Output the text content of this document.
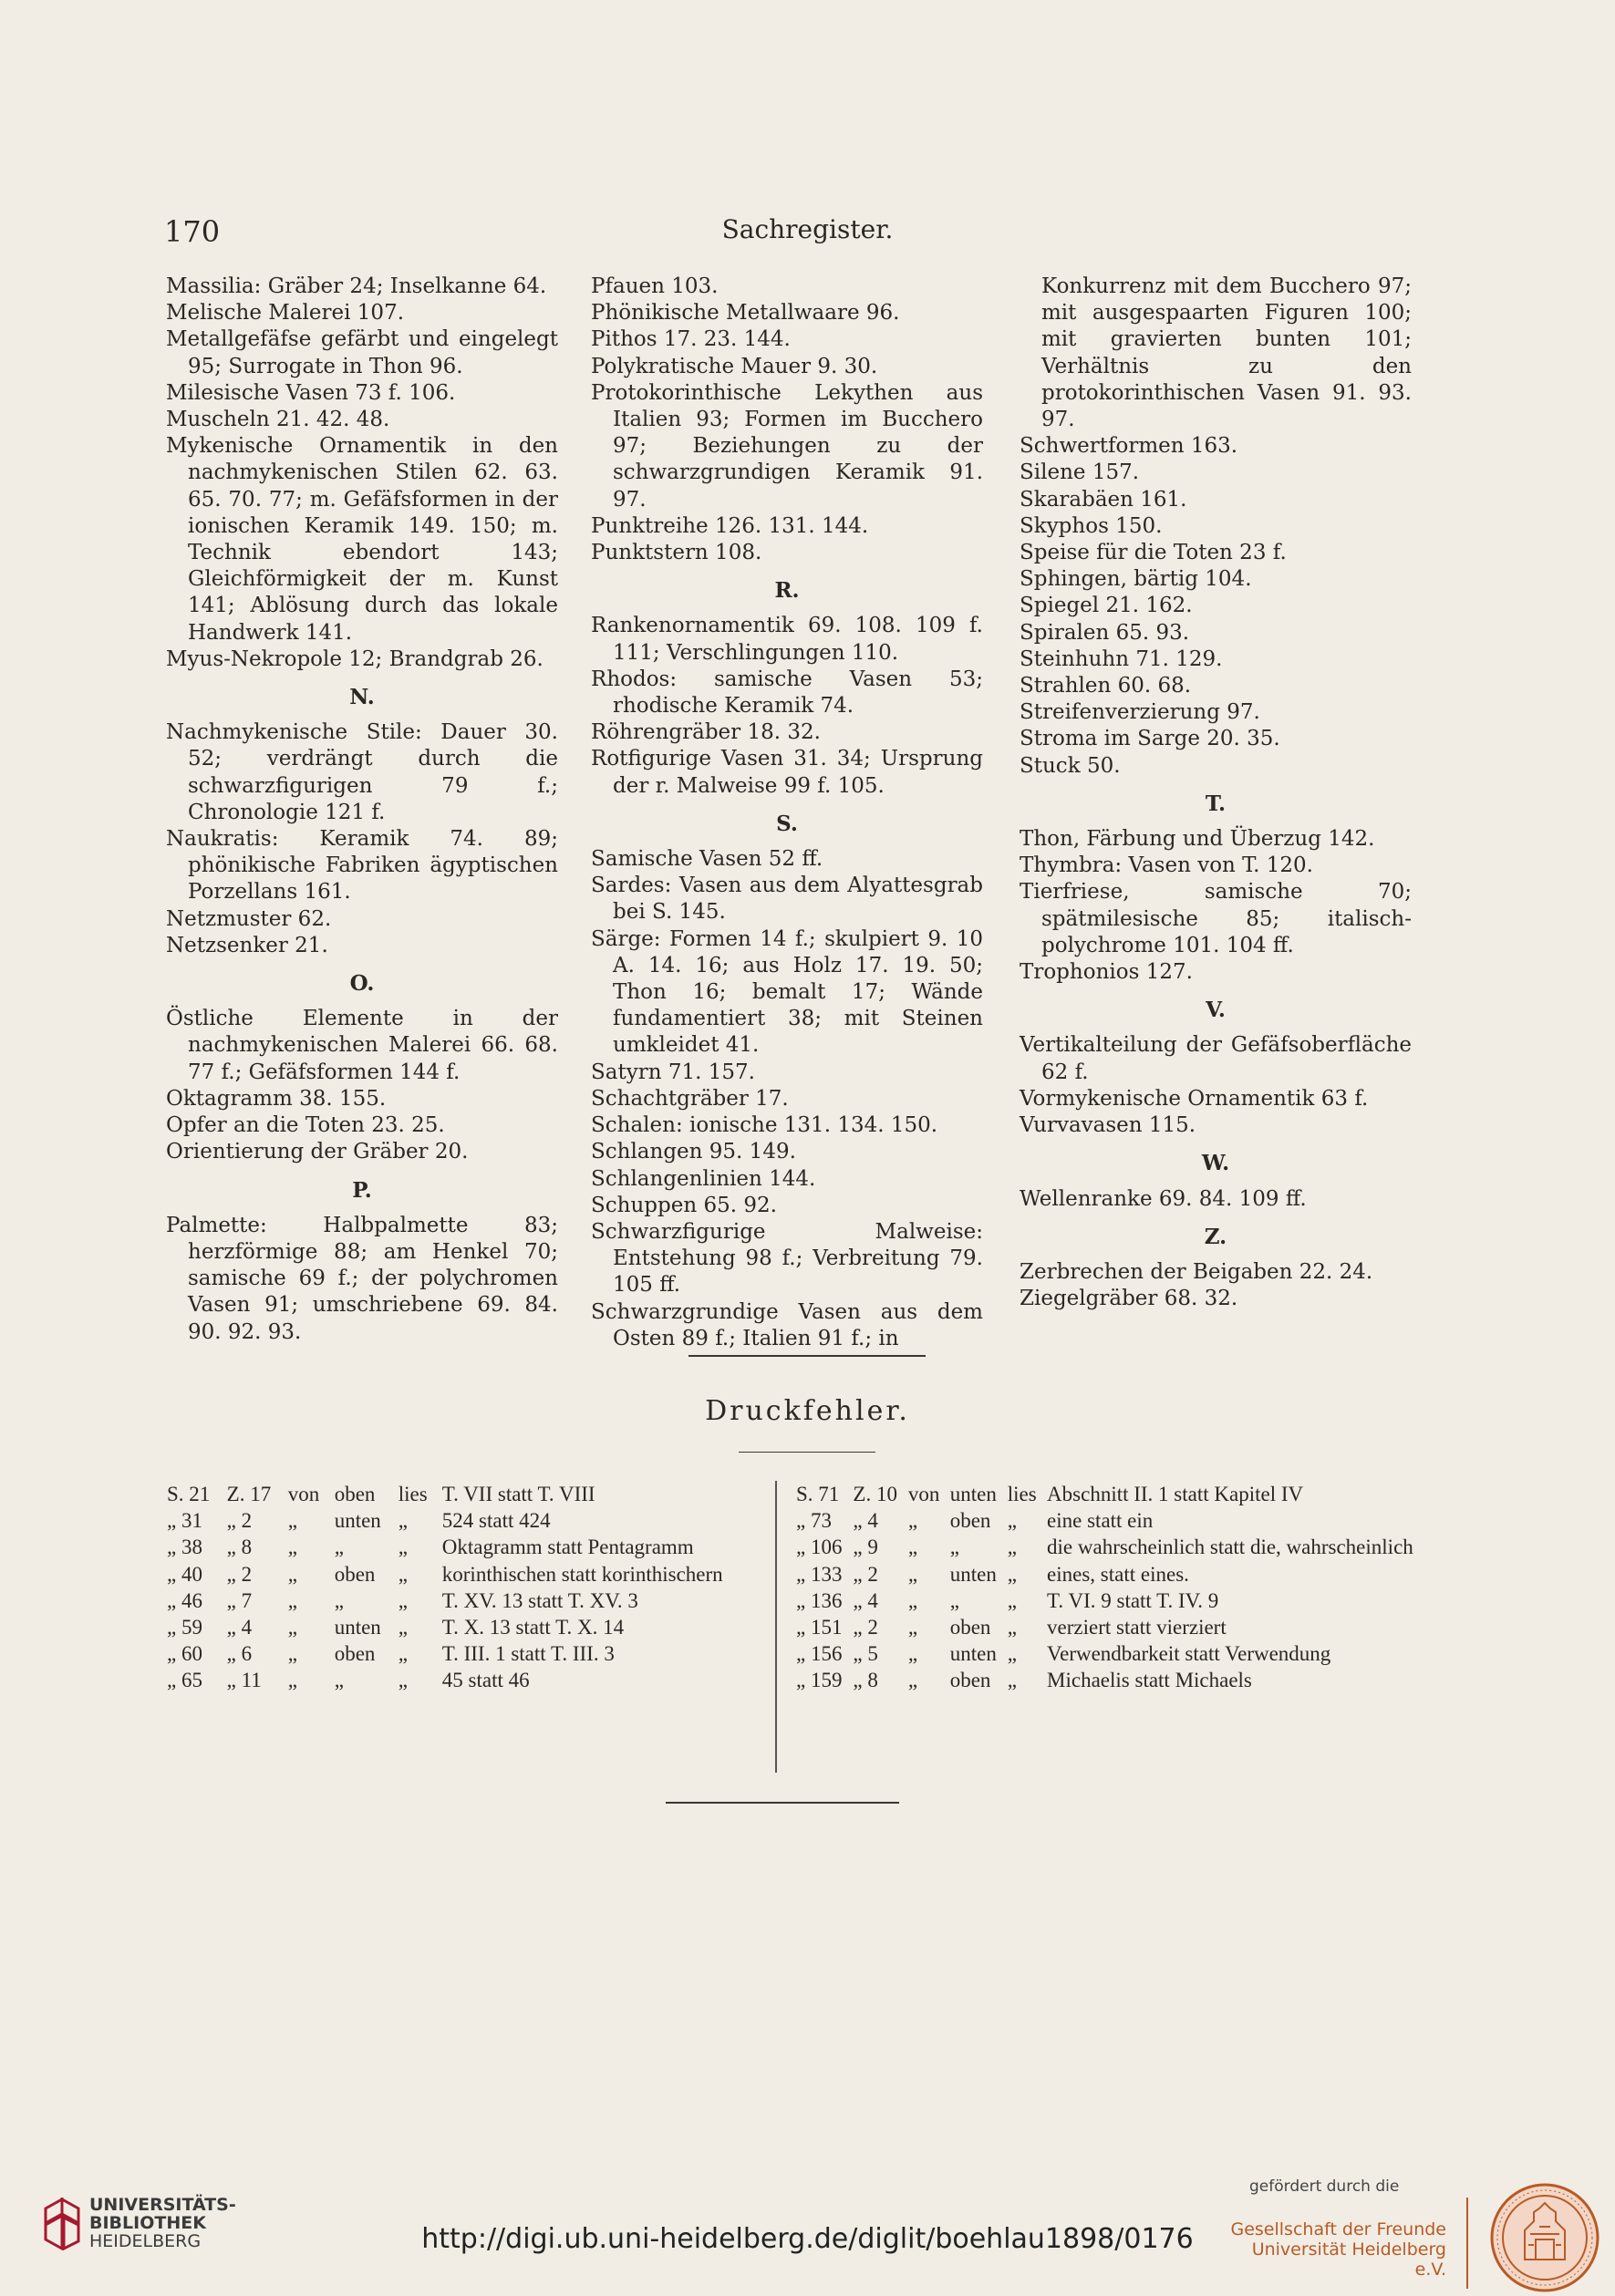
170	Sachregister.

Massilia: Gräber 24; Inselkanne 64.

Melische Malerei 107.

Metallgefäfse gefärbt und eingelegt 95; Surrogate in Thon 96.

Milesische Vasen 73 f. 106.

Muscheln 21. 42. 48.

Mykenische Ornamentik in den nachmykenischen Stilen 62. 63. 65. 70. 77; m. Gefäfsformen in der ionischen Keramik 149. 150; m. Technik ebendort 143; Gleichförmigkeit der m. Kunst 141; Ablösung durch das lokale Handwerk 141.

Myus-Nekropole 12; Brandgrab 26.

N.

Nachmykenische Stile: Dauer 30. 52; verdrängt durch die schwarzfigurigen 79 f.; Chronologie 121 f.

Naukratis: Keramik 74. 89; phönikische Fabriken ägyptischen Porzellans 161.

Netzmuster 62.

Netzsenker 21.

O.

Östliche Elemente in der nachmykenischen Malerei 66. 68. 77 f.; Gefäfsformen 144 f.

Oktagramm 38. 155.

Opfer an die Toten 23. 25.

Orientierung der Gräber 20.

P.

Palmette: Halbpalmette 83; herzförmige 88; am Henkel 70; samische 69 f.; der polychromen Vasen 91; umschriebene 69. 84. 90. 92. 93.

Pfauen 103.

Phönikische Metallwaare 96.

Pithos 17. 23. 144.

Polykratische Mauer 9. 30.

Protokorinthische Lekythen aus Italien 93; Formen im Bucchero 97; Beziehungen zu der schwarzgrundigen Keramik 91. 97.

Punktreihe 126. 131. 144.

Punktstern 108.

R.

Rankenornamentik 69. 108. 109 f. 111; Verschlingungen 110.

Rhodos: samische Vasen 53; rhodische Keramik 74.

Röhrengräber 18. 32.

Rotfigurige Vasen 31. 34; Ursprung der r. Malweise 99 f. 105.

S.

Samische Vasen 52 ff.

Sardes: Vasen aus dem Alyattesgrab bei S. 145.

Särge: Formen 14 f.; skulpiert 9. 10 A. 14. 16; aus Holz 17. 19. 50; Thon 16; bemalt 17; Wände fundamentiert 38; mit Steinen umkleidet 41.

Satyrn 71. 157.

Schachtgräber 17.

Schalen: ionische 131. 134. 150.

Schlangen 95. 149.

Schlangenlinien 144.

Schuppen 65. 92.

Schwarzfigurige Malweise: Entstehung 98 f.; Verbreitung 79. 105 ff.

Schwarzgrundige Vasen aus dem Osten 89 f.; Italien 91 f.; in

Konkurrenz mit dem Bucchero 97; mit ausgespaarten Figuren 100; mit gravierten bunten 101; Verhältnis zu den protokorinthischen Vasen 91. 93. 97.

Schwertformen 163.

Silene 157.

Skarabäen 161.

Skyphos 150.

Speise für die Toten 23 f.

Sphingen, bärtig 104.

Spiegel 21. 162.

Spiralen 65. 93.

Steinhuhn 71. 129.

Strahlen 60. 68.

Streifenverzierung 97.

Stroma im Sarge 20. 35.

Stuck 50.

T.

Thon, Färbung und Überzug 142.

Thymbra: Vasen von T. 120.

Tierfriese, samische 70; spätmilesische 85; italisch-polychrome 101. 104 ff.

Trophonios 127.

V.

Vertikalteilung der Gefäfsoberfläche 62 f.

Vormykenische Ornamentik 63 f.

Vurvavasen 115.

W.

Wellenranke 69. 84. 109 ff.

Z.

Zerbrechen der Beigaben 22. 24.

Ziegelgräber 68. 32.

Druckfehler.
S. 21	Z. 17	von	oben	lies	T. VII statt T. VIII
„ 31	„ 2	„	unten	„	524 statt 424
„ 38	„ 8	„	„	„	Oktagramm statt Pentagramm
„ 40	„ 2	„	oben	„	korinthischen statt korinthischern
„ 46	„ 7	„	„	„	T. XV. 13 statt T. XV. 3
„ 59	„ 4	„	unten	„	T. X. 13 statt T. X. 14
„ 60	„ 6	„	oben	„	T. III. 1 statt T. III. 3
„ 65	„ 11	„	„	„	45 statt 46
S. 71	Z. 10	von	unten	lies	Abschnitt II. 1 statt Kapitel IV
„ 73	„ 4	„	oben	„	eine statt ein
„ 106	„ 9	„	„	„	die wahrscheinlich statt die, wahrscheinlich
„ 133	„ 2	„	unten	„	eines, statt eines.
„ 136	„ 4	„	„	„	T. VI. 9 statt T. IV. 9
„ 151	„ 2	„	oben	„	verziert statt vierziert
„ 156	„ 5	„	unten	„	Verwendbarkeit statt Verwendung
„ 159	„ 8	„	oben	„	Michaelis statt Michaels
UNIVERSITÄTS-
BIBLIOTHEK
HEIDELBERG	http://digi.ub.uni-heidelberg.de/diglit/boehlau1898/0176
gefördert durch die
Gesellschaft der Freunde
Universität Heidelberg e.V.
